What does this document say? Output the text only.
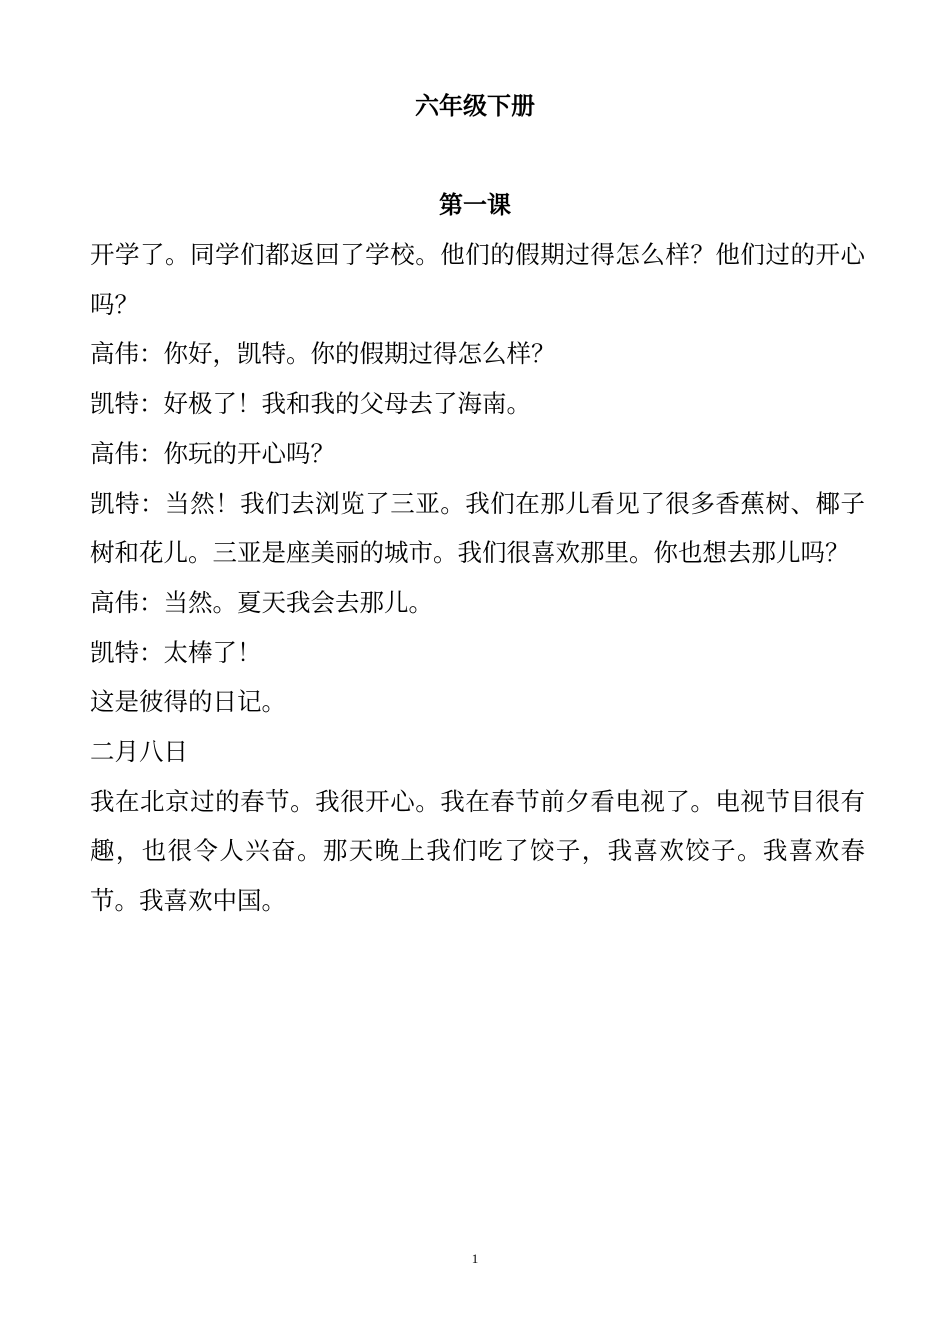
六年级下册
第一课

开学了。同学们都返回了学校。他们的假期过得怎么样？他们过的开心吗？

高伟：你好，凯特。你的假期过得怎么样？

凯特：好极了！我和我的父母去了海南。

高伟：你玩的开心吗？

凯特：当然！我们去浏览了三亚。我们在那儿看见了很多香蕉树、椰子树和花儿。三亚是座美丽的城市。我们很喜欢那里。你也想去那儿吗？

高伟：当然。夏天我会去那儿。

凯特：太棒了！

这是彼得的日记。

二月八日

我在北京过的春节。我很开心。我在春节前夕看电视了。电视节目很有趣，也很令人兴奋。那天晚上我们吃了饺子，我喜欢饺子。我喜欢春节。我喜欢中国。

1
